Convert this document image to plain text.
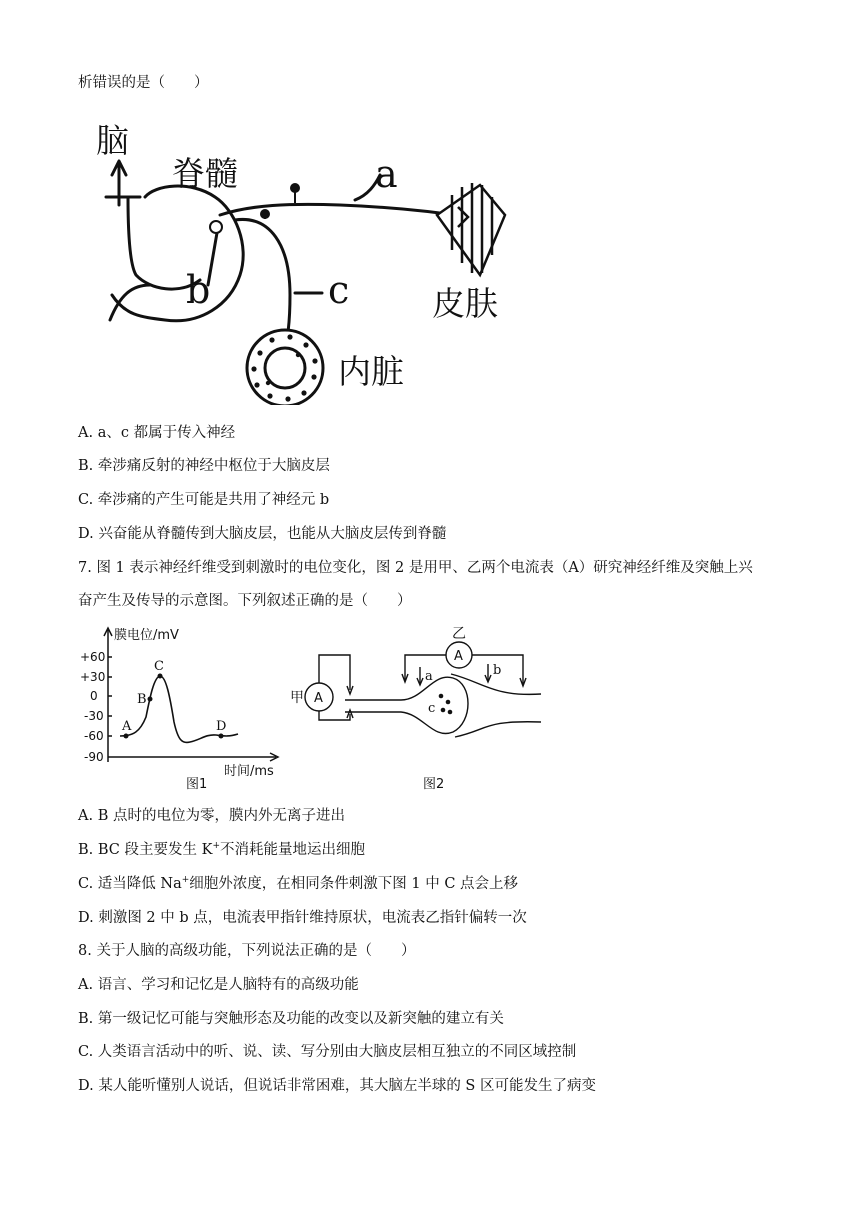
析错误的是（　　）
脑
脊髓	a
b	c	皮肤
内脏
A. a、c 都属于传入神经
B. 牵涉痛反射的神经中枢位于大脑皮层
C. 牵涉痛的产生可能是共用了神经元 b
D. 兴奋能从脊髓传到大脑皮层，也能从大脑皮层传到脊髓
7. 图 1 表示神经纤维受到刺激时的电位变化，图 2 是用甲、乙两个电流表（A）研究神经纤维及突触上兴
奋产生及传导的示意图。下列叙述正确的是（　　）
膜电位/mV
+60
+30
0
-30
-60
-90
A
B
C
D
时间/ms
图1
甲 A
乙
A
a	b
c
图2
A. B 点时的电位为零，膜内外无离子进出
B. BC 段主要发生 K+不消耗能量地运出细胞
C. 适当降低 Na+细胞外浓度，在相同条件刺激下图 1 中 C 点会上移
D. 刺激图 2 中 b 点，电流表甲指针维持原状，电流表乙指针偏转一次
8. 关于人脑的高级功能，下列说法正确的是（　　）
A. 语言、学习和记忆是人脑特有的高级功能
B. 第一级记忆可能与突触形态及功能的改变以及新突触的建立有关
C. 人类语言活动中的听、说、读、写分别由大脑皮层相互独立的不同区域控制
D. 某人能听懂别人说话，但说话非常困难，其大脑左半球的 S 区可能发生了病变
